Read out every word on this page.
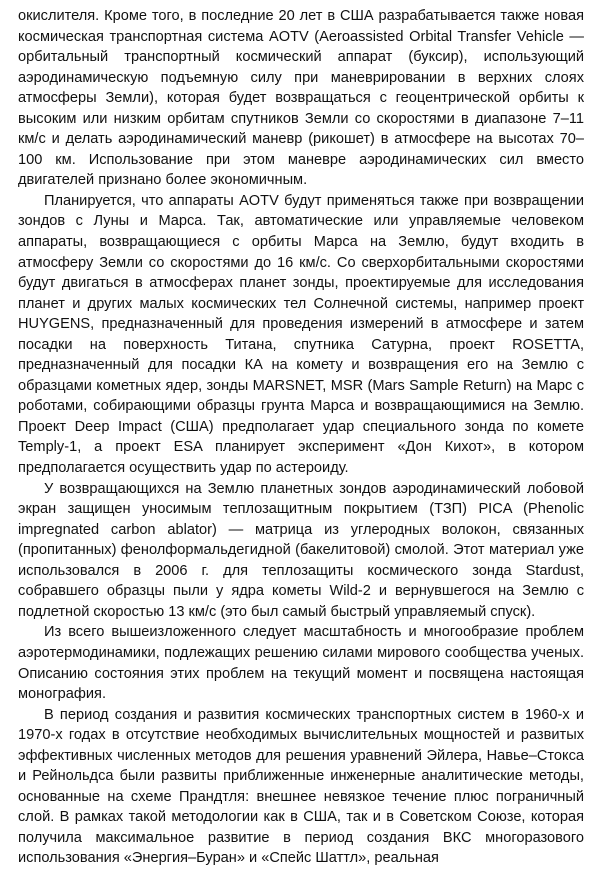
окислителя. Кроме того, в последние 20 лет в США разрабатывается также новая космическая транспортная система AOTV (Aeroassisted Orbital Transfer Vehicle — орбитальный транспортный космический аппарат (буксир), использующий аэродинамическую подъемную силу при маневрировании в верхних слоях атмосферы Земли), которая будет возвращаться с геоцентрической орбиты к высоким или низким орбитам спутников Земли со скоростями в диапазоне 7–11 км/с и делать аэродинамический маневр (рикошет) в атмосфере на высотах 70–100 км. Использование при этом маневре аэродинамических сил вместо двигателей признано более экономичным.

Планируется, что аппараты AOTV будут применяться также при возвращении зондов с Луны и Марса. Так, автоматические или управляемые человеком аппараты, возвращающиеся с орбиты Марса на Землю, будут входить в атмосферу Земли со скоростями до 16 км/с. Со сверхорбитальными скоростями будут двигаться в атмосферах планет зонды, проектируемые для исследования планет и других малых космических тел Солнечной системы, например проект HUYGENS, предназначенный для проведения измерений в атмосфере и затем посадки на поверхность Титана, спутника Сатурна, проект ROSETTA, предназначенный для посадки КА на комету и возвращения его на Землю с образцами кометных ядер, зонды MARSNET, MSR (Mars Sample Return) на Марс с роботами, собирающими образцы грунта Марса и возвращающимися на Землю. Проект Deep Impact (США) предполагает удар специального зонда по комете Temply-1, а проект ESA планирует эксперимент «Дон Кихот», в котором предполагается осуществить удар по астероиду.

У возвращающихся на Землю планетных зондов аэродинамический лобовой экран защищен уносимым теплозащитным покрытием (ТЗП) PICA (Phenolic impregnated carbon ablator) — матрица из углеродных волокон, связанных (пропитанных) фенолформальдегидной (бакелитовой) смолой. Этот материал уже использовался в 2006 г. для теплозащиты космического зонда Stardust, собравшего образцы пыли у ядра кометы Wild-2 и вернувшегося на Землю с подлетной скоростью 13 км/с (это был самый быстрый управляемый спуск).

Из всего вышеизложенного следует масштабность и многообразие проблем аэротермодинамики, подлежащих решению силами мирового сообщества ученых. Описанию состояния этих проблем на текущий момент и посвящена настоящая монография.

В период создания и развития космических транспортных систем в 1960-х и 1970-х годах в отсутствие необходимых вычислительных мощностей и развитых эффективных численных методов для решения уравнений Эйлера, Навье–Стокса и Рейнольдса были развиты приближенные инженерные аналитические методы, основанные на схеме Прандтля: внешнее невязкое течение плюс пограничный слой. В рамках такой методологии как в США, так и в Советском Союзе, которая получила максимальное развитие в период создания ВКС многоразового использования «Энергия–Буран» и «Спейс Шаттл», реальная
